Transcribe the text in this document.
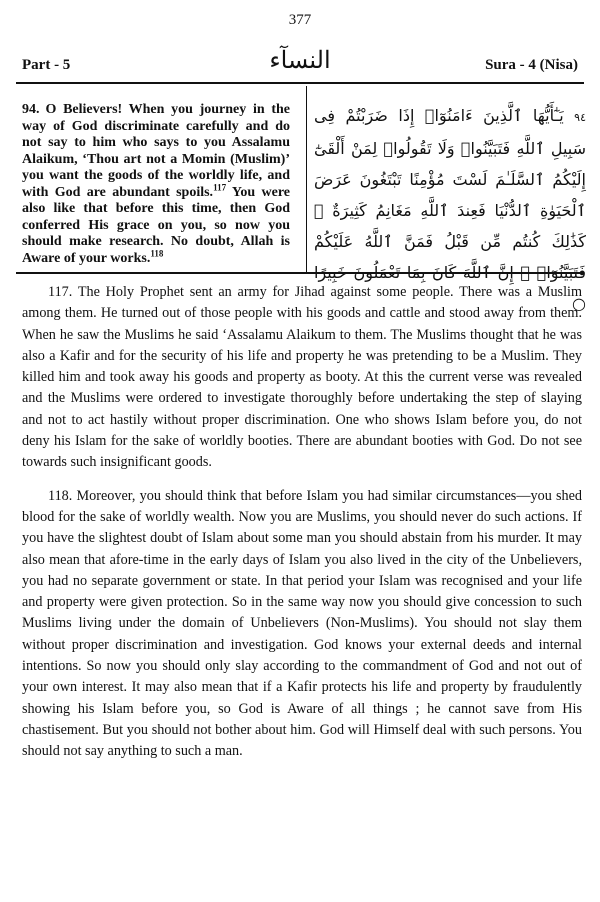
377
Part - 5	النسآء	Sura - 4 (Nisa)
94. O Believers! When you journey in the way of God discriminate carefully and do not say to him who says to you Assalamu Alaikum, ‘Thou art not a Momin (Muslim)’ you want the goods of the worldly life, and with God are abundant spoils.$^{117}$ You were also like that before this time, then God conferred His grace on you, so now you should make research. No doubt, Allah is Aware of your works.$^{118}$
٩٤ يَـٰٓأَيُّهَا ٱلَّذِينَ ءَامَنُوٓا۟ إِذَا ضَرَبْتُمْ فِى سَبِيلِ ٱللَّهِ فَتَبَيَّنُوا۟ وَلَا تَقُولُوا۟ لِمَنْ أَلْقَىٰٓ إِلَيْكُمُ ٱلسَّلَـٰمَ لَسْتَ مُؤْمِنًا تَبْتَغُونَ عَرَضَ ٱلْحَيَوٰةِ ٱلدُّنْيَا فَعِندَ ٱللَّهِ مَغَانِمُ كَثِيرَةٌ ۚ كَذَٰلِكَ كُنتُم مِّن قَبْلُ فَمَنَّ ٱللَّهُ عَلَيْكُمْ فَتَبَيَّنُوٓا۟ ۚ إِنَّ ٱللَّهَ كَانَ بِمَا تَعْمَلُونَ خَبِيرًا ○

117. The Holy Prophet sent an army for Jihad against some people. There was a Muslim among them. He turned out of those people with his goods and cattle and stood away from them. When he saw the Muslims he said ‘Assalamu Alaikum to them. The Muslims thought that he was also a Kafir and for the security of his life and property he was pretending to be a Muslim. They killed him and took away his goods and property as booty. At this the current verse was revealed and the Muslims were ordered to investigate thoroughly before undertaking the step of slaying and not to act hastily without proper discrimination. One who shows Islam before you, do not deny his Islam for the sake of worldly booties. There are abundant booties with God. Do not see towards such insignificant goods.

118. Moreover, you should think that before Islam you had similar circumstances—you shed blood for the sake of worldly wealth. Now you are Muslims, you should never do such actions. If you have the slightest doubt of Islam about some man you should abstain from his murder. It may also mean that afore-time in the early days of Islam you also lived in the city of the Unbelievers, you had no separate government or state. In that period your Islam was recognised and your life and property were given protection. So in the same way now you should give concession to such Muslims living under the domain of Unbelievers (Non-Muslims). You should not slay them without proper discrimination and investigation. God knows your external deeds and internal intentions. So now you should only slay according to the commandment of God and not out of your own interest. It may also mean that if a Kafir protects his life and property by fraudulently showing his Islam before you, so God is Aware of all things ; he cannot save from His chastisement. But you should not bother about him. God will Himself deal with such persons. You should not say anything to such a man.
